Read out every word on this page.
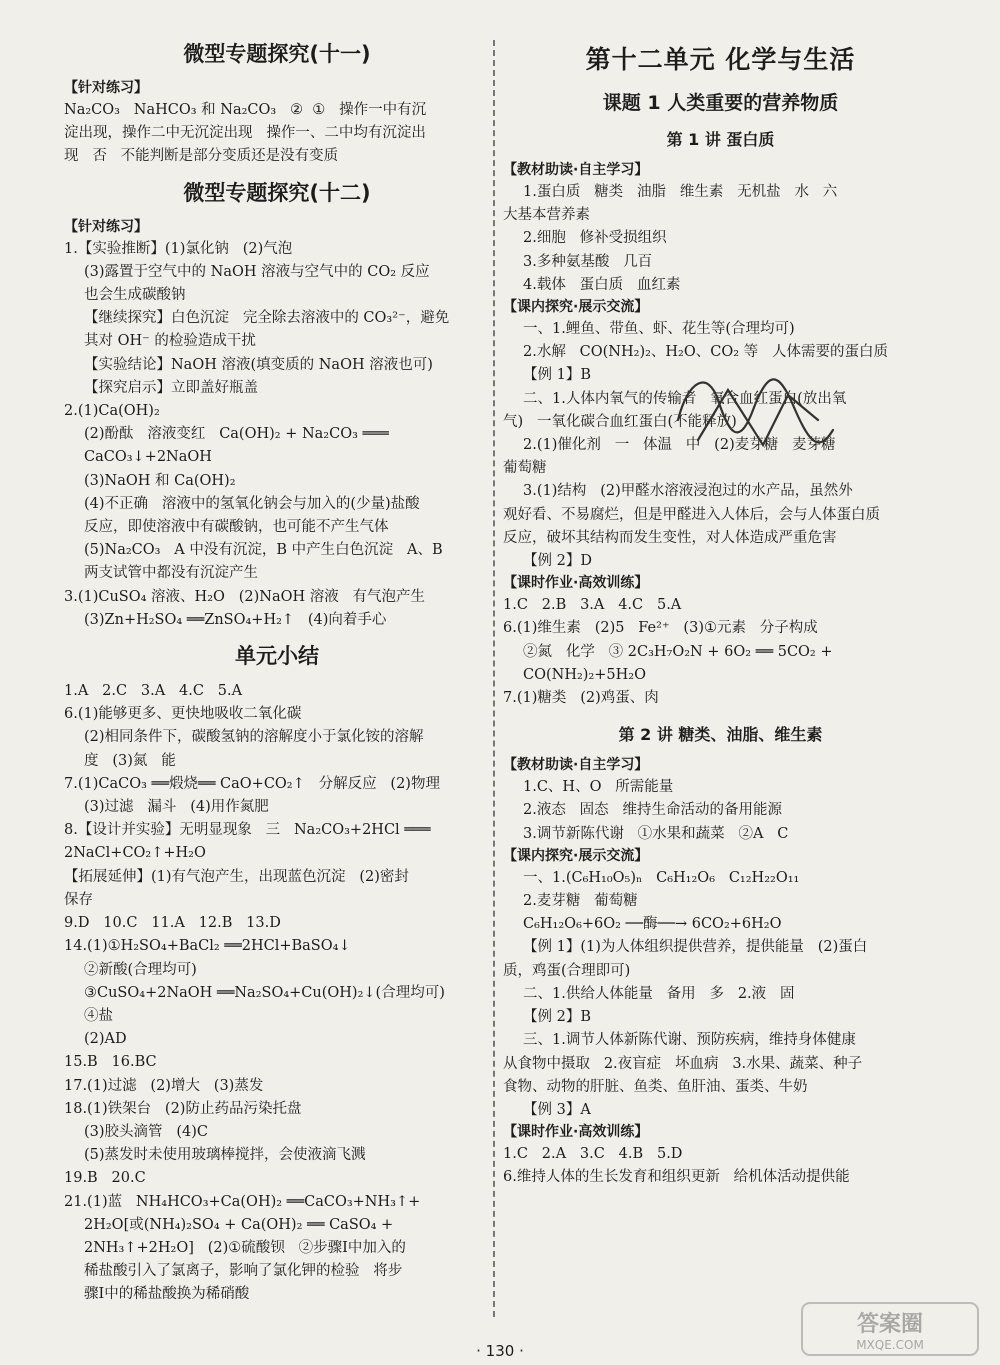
微型专题探究(十一)
【针对练习】
Na₂CO₃   NaHCO₃ 和 Na₂CO₃   ②  ①   操作一中有沉
淀出现，操作二中无沉淀出现   操作一、二中均有沉淀出
现   否   不能判断是部分变质还是没有变质
微型专题探究(十二)
【针对练习】
1.【实验推断】(1)氯化钠   (2)气泡
(3)露置于空气中的 NaOH 溶液与空气中的 CO₂ 反应
也会生成碳酸钠
【继续探究】白色沉淀   完全除去溶液中的 CO₃²⁻，避免
其对 OH⁻ 的检验造成干扰
【实验结论】NaOH 溶液(填变质的 NaOH 溶液也可)
【探究启示】立即盖好瓶盖
2.(1)Ca(OH)₂
(2)酚酞   溶液变红   Ca(OH)₂ + Na₂CO₃ ═══
CaCO₃↓+2NaOH
(3)NaOH 和 Ca(OH)₂
(4)不正确   溶液中的氢氧化钠会与加入的(少量)盐酸
反应，即使溶液中有碳酸钠，也可能不产生气体
(5)Na₂CO₃   A 中没有沉淀，B 中产生白色沉淀   A、B
两支试管中都没有沉淀产生
3.(1)CuSO₄ 溶液、H₂O   (2)NaOH 溶液   有气泡产生
(3)Zn+H₂SO₄ ══ZnSO₄+H₂↑   (4)向着手心
单元小结
1.A   2.C   3.A   4.C   5.A
6.(1)能够更多、更快地吸收二氧化碳
(2)相同条件下，碳酸氢钠的溶解度小于氯化铵的溶解
度   (3)氮   能
7.(1)CaCO₃ ══煅烧══ CaO+CO₂↑   分解反应   (2)物理
(3)过滤   漏斗   (4)用作氮肥
8.【设计并实验】无明显现象   三   Na₂CO₃+2HCl ═══
2NaCl+CO₂↑+H₂O
【拓展延伸】(1)有气泡产生，出现蓝色沉淀   (2)密封
保存
9.D   10.C   11.A   12.B   13.D
14.(1)①H₂SO₄+BaCl₂ ══2HCl+BaSO₄↓
②新酸(合理均可)
③CuSO₄+2NaOH ══Na₂SO₄+Cu(OH)₂↓(合理均可)
④盐
(2)AD
15.B   16.BC
17.(1)过滤   (2)增大   (3)蒸发
18.(1)铁架台   (2)防止药品污染托盘
(3)胶头滴管   (4)C
(5)蒸发时未使用玻璃棒搅拌，会使液滴飞溅
19.B   20.C
21.(1)蓝   NH₄HCO₃+Ca(OH)₂ ══CaCO₃+NH₃↑+
2H₂O[或(NH₄)₂SO₄ + Ca(OH)₂ ══ CaSO₄ +
2NH₃↑+2H₂O]   (2)①硫酸钡   ②步骤Ⅰ中加入的
稀盐酸引入了氯离子，影响了氯化钾的检验   将步
骤Ⅰ中的稀盐酸换为稀硝酸
第十二单元 化学与生活
课题 1 人类重要的营养物质
第 1 讲 蛋白质
【教材助读·自主学习】
1.蛋白质   糖类   油脂   维生素   无机盐   水   六
大基本营养素
2.细胞   修补受损组织
3.多种氨基酸   几百
4.载体   蛋白质   血红素
【课内探究·展示交流】
一、1.鲤鱼、带鱼、虾、花生等(合理均可)
2.水解   CO(NH₂)₂、H₂O、CO₂ 等   人体需要的蛋白质
【例 1】B
二、1.人体内氧气的传输者   氧合血红蛋白(放出氧
气)   一氧化碳合血红蛋白(不能释放)
2.(1)催化剂   一   体温   中   (2)麦芽糖   麦芽糖
葡萄糖
3.(1)结构   (2)甲醛水溶液浸泡过的水产品，虽然外
观好看、不易腐烂，但是甲醛进入人体后，会与人体蛋白质
反应，破坏其结构而发生变性，对人体造成严重危害
【例 2】D
【课时作业·高效训练】
1.C   2.B   3.A   4.C   5.A
6.(1)维生素   (2)5   Fe²⁺   (3)①元素   分子构成
②氮   化学   ③ 2C₃H₇O₂N + 6O₂ ══ 5CO₂ +
CO(NH₂)₂+5H₂O
7.(1)糖类   (2)鸡蛋、肉
第 2 讲 糖类、油脂、维生素
【教材助读·自主学习】
1.C、H、O   所需能量
2.液态   固态   维持生命活动的备用能源
3.调节新陈代谢   ①水果和蔬菜   ②A   C
【课内探究·展示交流】
一、1.(C₆H₁₀O₅)ₙ   C₆H₁₂O₆   C₁₂H₂₂O₁₁
2.麦芽糖   葡萄糖
C₆H₁₂O₆+6O₂ ──酶──→ 6CO₂+6H₂O
【例 1】(1)为人体组织提供营养，提供能量   (2)蛋白
质，鸡蛋(合理即可)
二、1.供给人体能量   备用   多   2.液   固
【例 2】B
三、1.调节人体新陈代谢、预防疾病，维持身体健康
从食物中摄取   2.夜盲症   坏血病   3.水果、蔬菜、种子
食物、动物的肝脏、鱼类、鱼肝油、蛋类、牛奶
【例 3】A
【课时作业·高效训练】
1.C   2.A   3.C   4.B   5.D
6.维持人体的生长发育和组织更新   给机体活动提供能
· 130 ·
答案圈
MXQE.COM
